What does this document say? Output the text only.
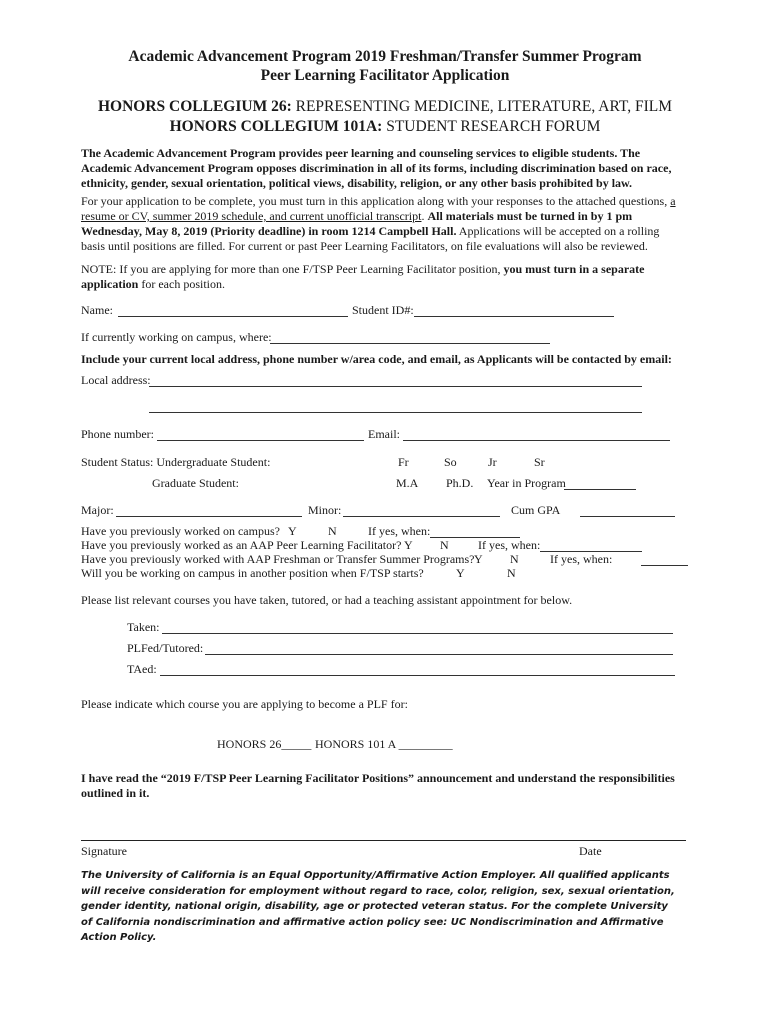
Academic Advancement Program 2019 Freshman/Transfer Summer Program
Peer Learning Facilitator Application
HONORS COLLEGIUM 26: REPRESENTING MEDICINE, LITERATURE, ART, FILM
HONORS COLLEGIUM 101A: STUDENT RESEARCH FORUM
The Academic Advancement Program provides peer learning and counseling services to eligible students. The Academic Advancement Program opposes discrimination in all of its forms, including discrimination based on race, ethnicity, gender, sexual orientation, political views, disability, religion, or any other basis prohibited by law.
For your application to be complete, you must turn in this application along with your responses to the attached questions, a resume or CV, summer 2019 schedule, and current unofficial transcript. All materials must be turned in by 1 pm Wednesday, May 8, 2019 (Priority deadline) in room 1214 Campbell Hall. Applications will be accepted on a rolling basis until positions are filled. For current or past Peer Learning Facilitators, on file evaluations will also be reviewed.
NOTE: If you are applying for more than one F/TSP Peer Learning Facilitator position, you must turn in a separate application for each position.
Name:	Student ID#:
If currently working on campus, where:
Include your current local address, phone number w/area code, and email, as Applicants will be contacted by email:
Local address:
Phone number:	Email:
Student Status: Undergraduate Student:	Fr	So	Jr	Sr
Graduate Student:	M.A Ph.D. Year in Program
Major:	Minor:	Cum GPA
Have you previously worked on campus? Y	N	If yes, when:
Have you previously worked as an AAP Peer Learning Facilitator? Y N If yes, when:
Have you previously worked with AAP Freshman or Transfer Summer Programs? Y N	If yes, when:
Will you be working on campus in another position when F/TSP starts?	Y	N
Please list relevant courses you have taken, tutored, or had a teaching assistant appointment for below.
Taken:
PLFed/Tutored:
TAed:
Please indicate which course you are applying to become a PLF for:
HONORS 26_____ HONORS 101 A _________
I have read the “2019 F/TSP Peer Learning Facilitator Positions” announcement and understand the responsibilities outlined in it.
Signature	Date
The University of California is an Equal Opportunity/Affirmative Action Employer. All qualified applicants will receive consideration for employment without regard to race, color, religion, sex, sexual orientation, gender identity, national origin, disability, age or protected veteran status. For the complete University of California nondiscrimination and affirmative action policy see: UC Nondiscrimination and Affirmative Action Policy.
